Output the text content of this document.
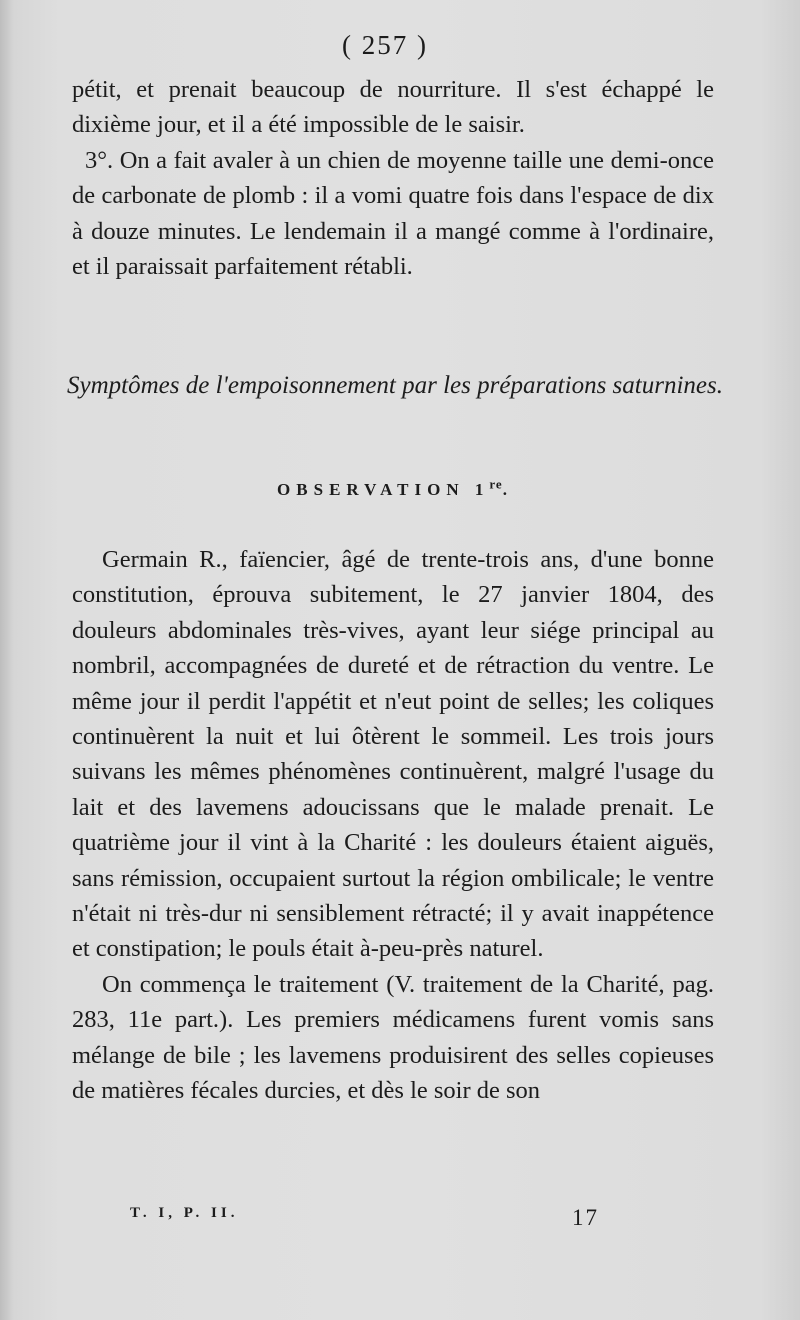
( 257 )

pétit, et prenait beaucoup de nourriture. Il s'est échappé le dixième jour, et il a été impossible de le saisir.

3°. On a fait avaler à un chien de moyenne taille une demi-once de carbonate de plomb : il a vomi quatre fois dans l'espace de dix à douze minutes. Le lendemain il a mangé comme à l'ordinaire, et il paraissait parfaitement rétabli.

Symptômes de l'empoisonnement par les préparations saturnines.
OBSERVATION 1re.

Germain R., faïencier, âgé de trente-trois ans, d'une bonne constitution, éprouva subitement, le 27 janvier 1804, des douleurs abdominales très-vives, ayant leur siége principal au nombril, accompagnées de dureté et de rétraction du ventre. Le même jour il perdit l'appétit et n'eut point de selles; les coliques continuèrent la nuit et lui ôtèrent le sommeil. Les trois jours suivans les mêmes phénomènes continuèrent, malgré l'usage du lait et des lavemens adoucissans que le malade prenait. Le quatrième jour il vint à la Charité : les douleurs étaient aiguës, sans rémission, occupaient surtout la région ombilicale; le ventre n'était ni très-dur ni sensiblement rétracté; il y avait inappétence et constipation; le pouls était à-peu-près naturel.

On commença le traitement (V. traitement de la Charité, pag. 283, 11e part.). Les premiers médicamens furent vomis sans mélange de bile ; les lavemens produisirent des selles copieuses de matières fécales durcies, et dès le soir de son

T. I, P. II.	17
